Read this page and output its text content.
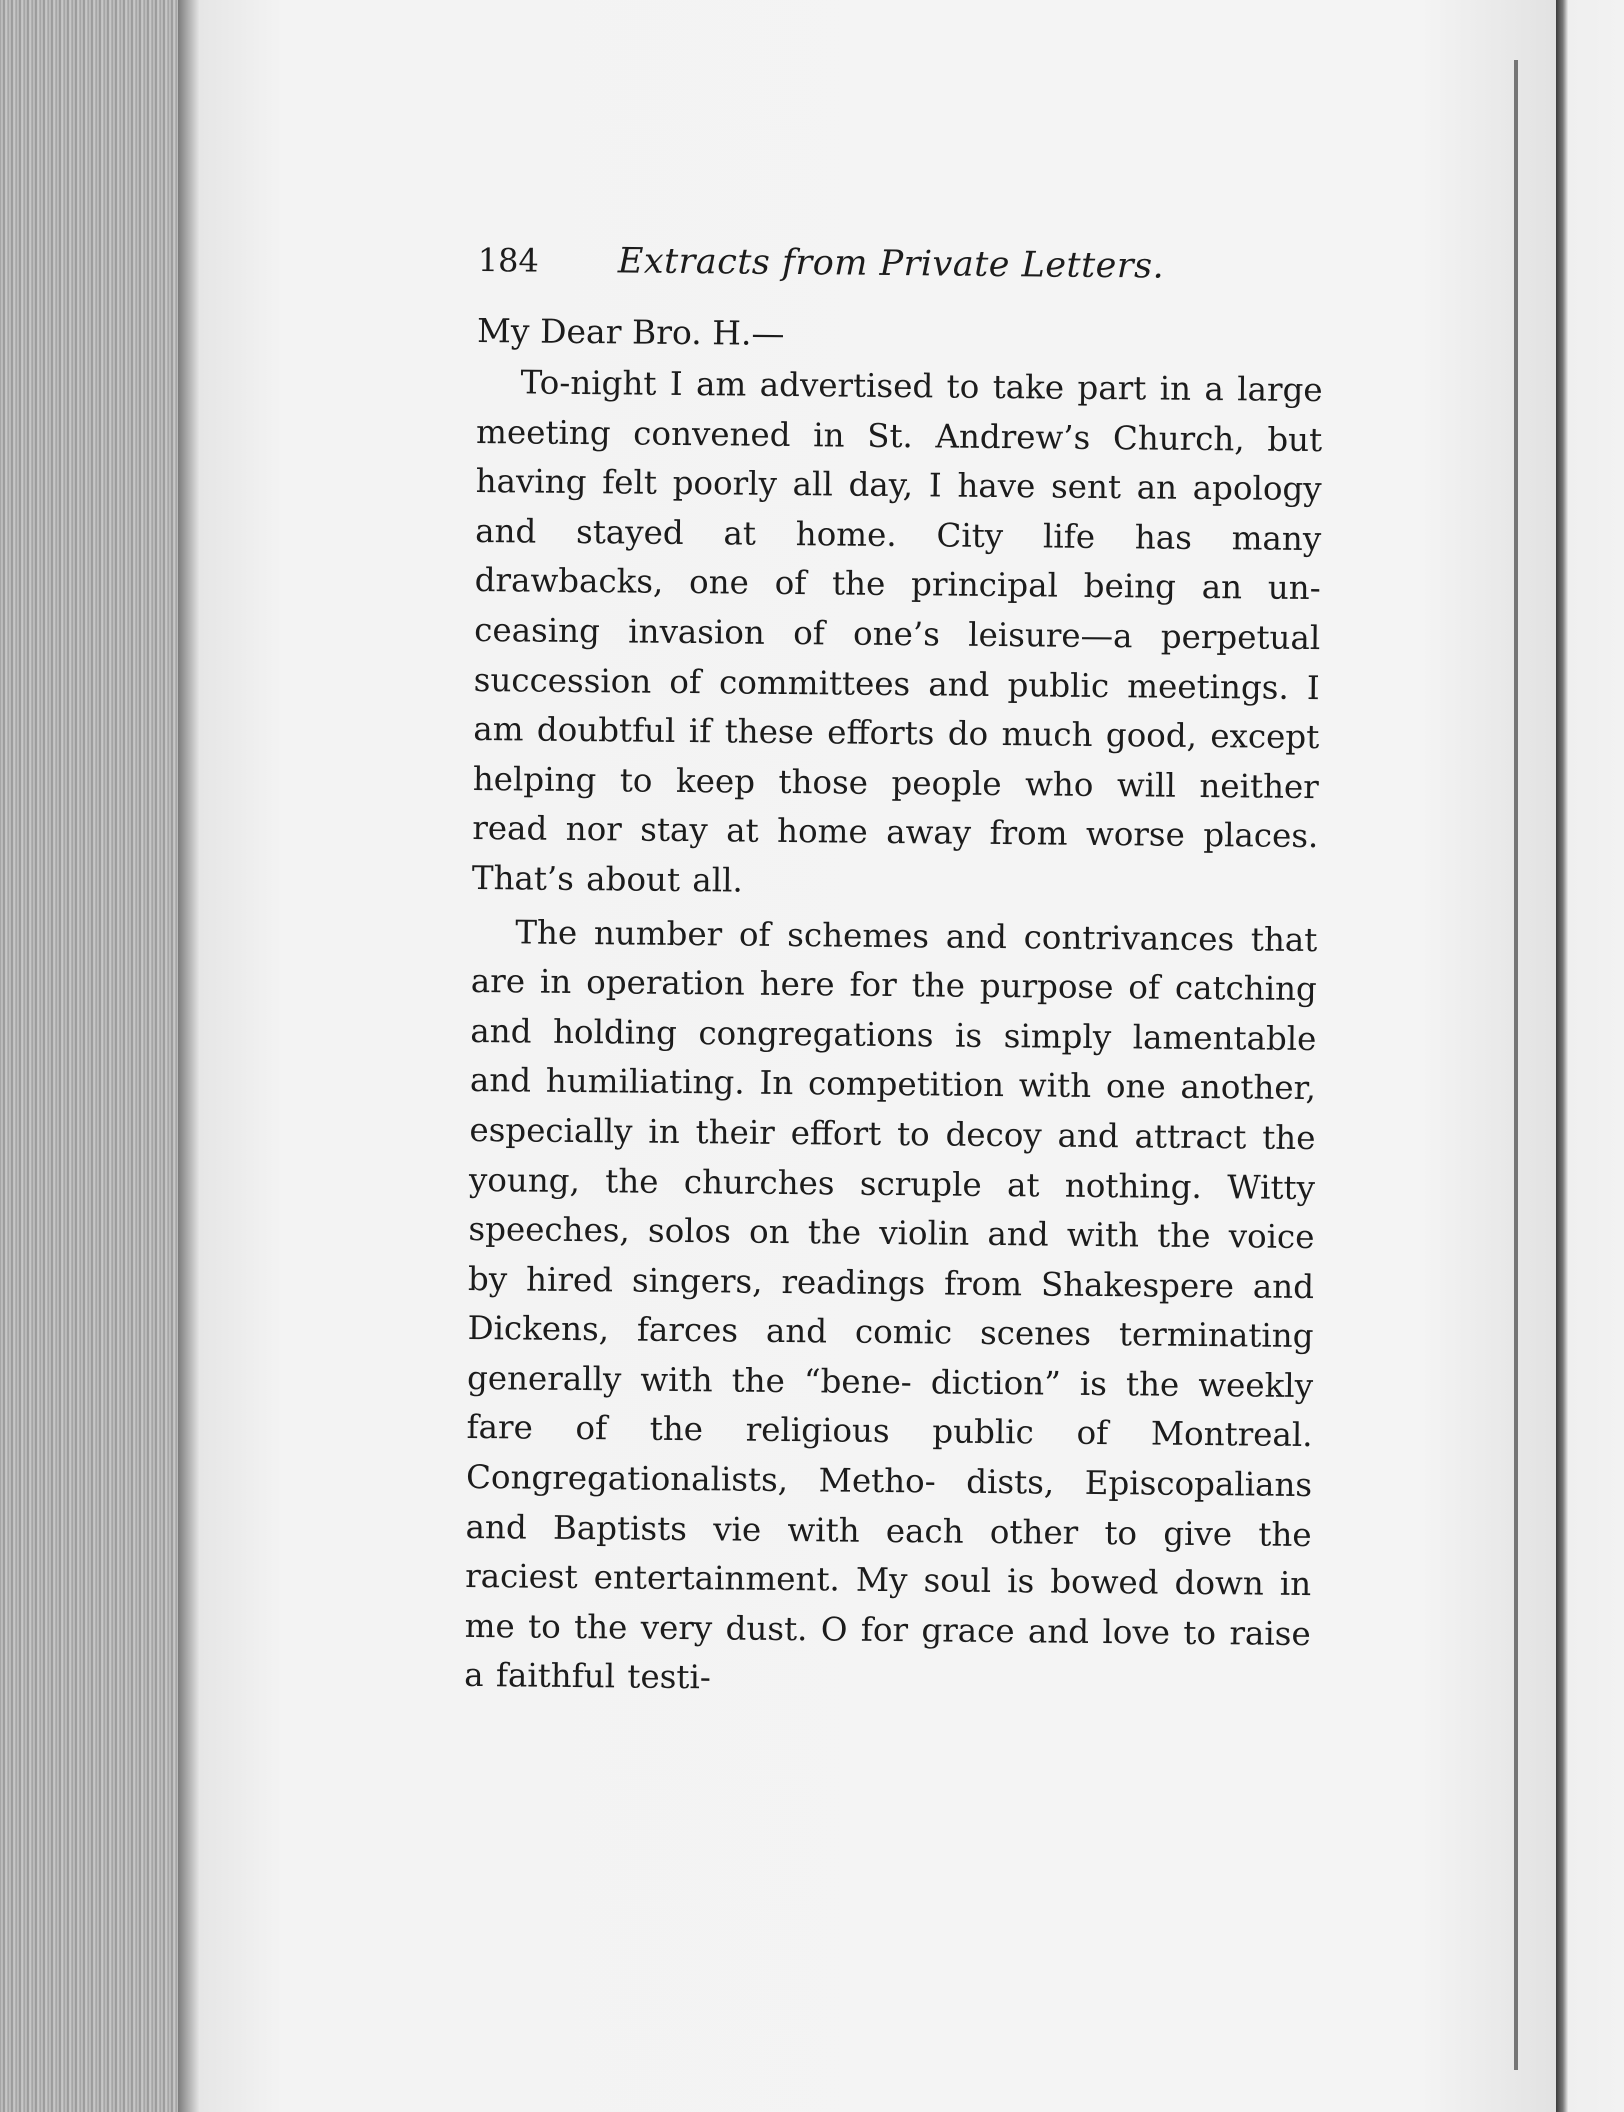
184	Extracts from Private Letters.
My Dear Bro. H.—

To-night I am advertised to take part in a large meeting convened in St. Andrew’s Church, but having felt poorly all day, I have sent an apology and stayed at home. City life has many drawbacks, one of the principal being an un- ceasing invasion of one’s leisure—a perpetual succession of committees and public meetings. I am doubtful if these efforts do much good, except helping to keep those people who will neither read nor stay at home away from worse places. That’s about all.

The number of schemes and contrivances that are in operation here for the purpose of catching and holding congregations is simply lamentable and humiliating. In competition with one another, especially in their effort to decoy and attract the young, the churches scruple at nothing. Witty speeches, solos on the violin and with the voice by hired singers, readings from Shakespere and Dickens, farces and comic scenes terminating generally with the “bene- diction” is the weekly fare of the religious public of Montreal. Congregationalists, Metho- dists, Episcopalians and Baptists vie with each other to give the raciest entertainment. My soul is bowed down in me to the very dust. O for grace and love to raise a faithful testi-
